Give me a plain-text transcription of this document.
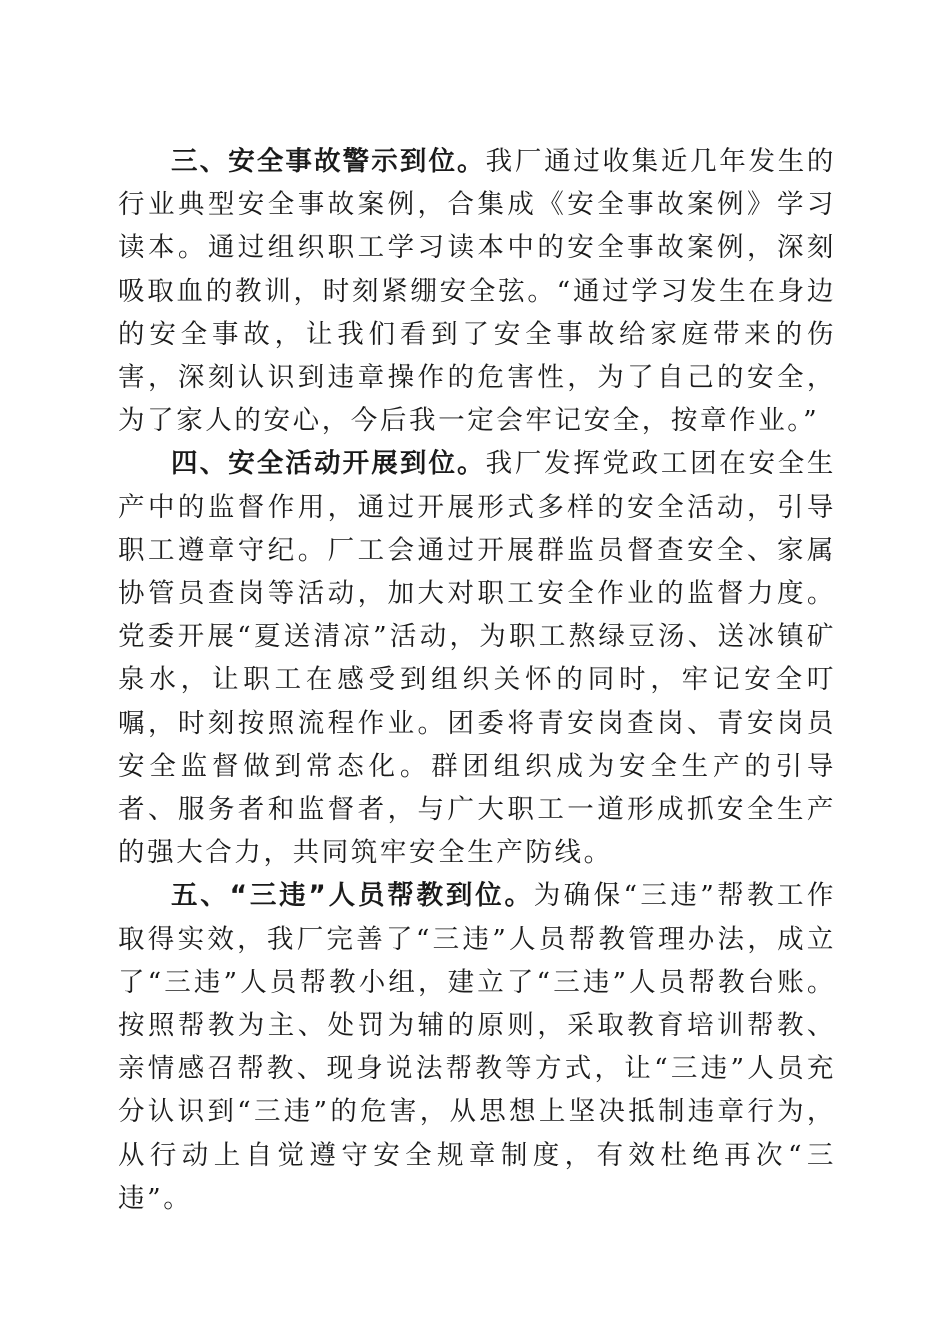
三、安全事故警示到位。我厂通过收集近几年发生的行业典型安全事故案例，合集成《安全事故案例》学习读本。通过组织职工学习读本中的安全事故案例，深刻吸取血的教训，时刻紧绷安全弦。“通过学习发生在身边的安全事故，让我们看到了安全事故给家庭带来的伤害，深刻认识到违章操作的危害性，为了自己的安全，为了家人的安心，今后我一定会牢记安全，按章作业。”

四、安全活动开展到位。我厂发挥党政工团在安全生产中的监督作用，通过开展形式多样的安全活动，引导职工遵章守纪。厂工会通过开展群监员督查安全、家属协管员查岗等活动，加大对职工安全作业的监督力度。党委开展“夏送清凉”活动，为职工熬绿豆汤、送冰镇矿泉水，让职工在感受到组织关怀的同时，牢记安全叮嘱，时刻按照流程作业。团委将青安岗查岗、青安岗员安全监督做到常态化。群团组织成为安全生产的引导者、服务者和监督者，与广大职工一道形成抓安全生产的强大合力，共同筑牢安全生产防线。

五、“三违”人员帮教到位。为确保“三违”帮教工作取得实效，我厂完善了“三违”人员帮教管理办法，成立了“三违”人员帮教小组，建立了“三违”人员帮教台账。按照帮教为主、处罚为辅的原则，采取教育培训帮教、亲情感召帮教、现身说法帮教等方式，让“三违”人员充分认识到“三违”的危害，从思想上坚决抵制违章行为，从行动上自觉遵守安全规章制度，有效杜绝再次“三违”。
